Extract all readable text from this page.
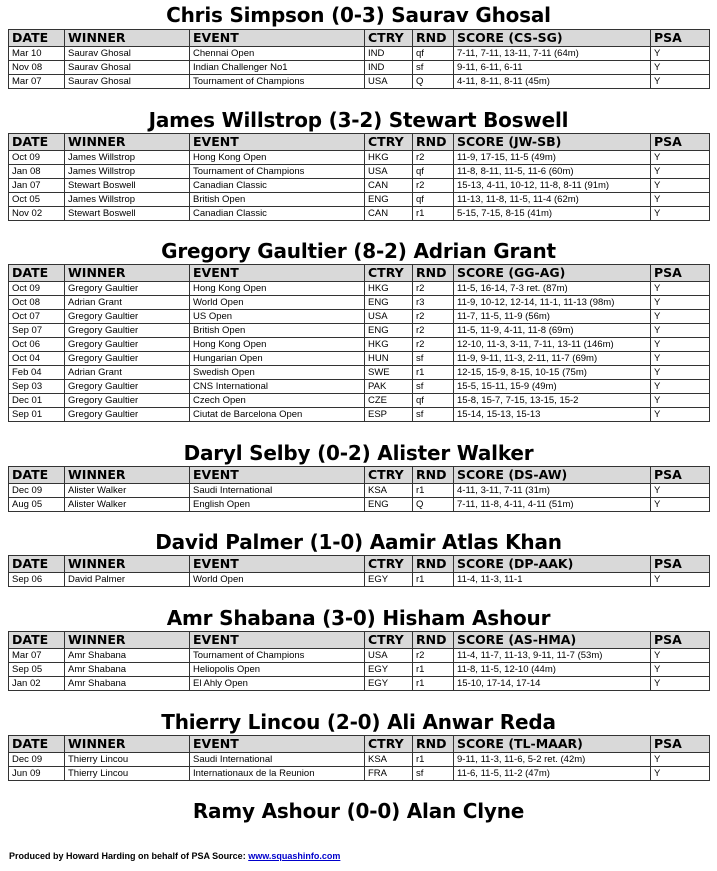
Chris Simpson (0-3) Saurav Ghosal
DATE	WINNER	EVENT	CTRY	RND	SCORE (CS-SG)	PSA
Mar 10	Saurav Ghosal	Chennai Open	IND	qf	7-11, 7-11, 13-11, 7-11 (64m)	Y
Nov 08	Saurav Ghosal	Indian Challenger No1	IND	sf	9-11, 6-11, 6-11	Y
Mar 07	Saurav Ghosal	Tournament of Champions	USA	Q	4-11, 8-11, 8-11 (45m)	Y
James Willstrop (3-2) Stewart Boswell
DATE	WINNER	EVENT	CTRY	RND	SCORE (JW-SB)	PSA
Oct 09	James Willstrop	Hong Kong Open	HKG	r2	11-9, 17-15, 11-5 (49m)	Y
Jan 08	James Willstrop	Tournament of Champions	USA	qf	11-8, 8-11, 11-5, 11-6 (60m)	Y
Jan 07	Stewart Boswell	Canadian Classic	CAN	r2	15-13, 4-11, 10-12, 11-8, 8-11 (91m)	Y
Oct 05	James Willstrop	British Open	ENG	qf	11-13, 11-8, 11-5, 11-4 (62m)	Y
Nov 02	Stewart Boswell	Canadian Classic	CAN	r1	5-15, 7-15, 8-15 (41m)	Y
Gregory Gaultier (8-2) Adrian Grant
DATE	WINNER	EVENT	CTRY	RND	SCORE (GG-AG)	PSA
Oct 09	Gregory Gaultier	Hong Kong Open	HKG	r2	11-5, 16-14, 7-3 ret. (87m)	Y
Oct 08	Adrian Grant	World Open	ENG	r3	11-9, 10-12, 12-14, 11-1, 11-13 (98m)	Y
Oct 07	Gregory Gaultier	US Open	USA	r2	11-7, 11-5, 11-9 (56m)	Y
Sep 07	Gregory Gaultier	British Open	ENG	r2	11-5, 11-9, 4-11, 11-8 (69m)	Y
Oct 06	Gregory Gaultier	Hong Kong Open	HKG	r2	12-10, 11-3, 3-11, 7-11, 13-11 (146m)	Y
Oct 04	Gregory Gaultier	Hungarian Open	HUN	sf	11-9, 9-11, 11-3, 2-11, 11-7 (69m)	Y
Feb 04	Adrian Grant	Swedish Open	SWE	r1	12-15, 15-9, 8-15, 10-15 (75m)	Y
Sep 03	Gregory Gaultier	CNS International	PAK	sf	15-5, 15-11, 15-9 (49m)	Y
Dec 01	Gregory Gaultier	Czech Open	CZE	qf	15-8, 15-7, 7-15, 13-15, 15-2	Y
Sep 01	Gregory Gaultier	Ciutat de Barcelona Open	ESP	sf	15-14, 15-13, 15-13	Y
Daryl Selby (0-2) Alister Walker
DATE	WINNER	EVENT	CTRY	RND	SCORE (DS-AW)	PSA
Dec 09	Alister Walker	Saudi International	KSA	r1	4-11, 3-11, 7-11 (31m)	Y
Aug 05	Alister Walker	English Open	ENG	Q	7-11, 11-8, 4-11, 4-11 (51m)	Y
David Palmer (1-0) Aamir Atlas Khan
DATE	WINNER	EVENT	CTRY	RND	SCORE (DP-AAK)	PSA
Sep 06	David Palmer	World Open	EGY	r1	11-4, 11-3, 11-1	Y
Amr Shabana (3-0) Hisham Ashour
DATE	WINNER	EVENT	CTRY	RND	SCORE (AS-HMA)	PSA
Mar 07	Amr Shabana	Tournament of Champions	USA	r2	11-4, 11-7, 11-13, 9-11, 11-7 (53m)	Y
Sep 05	Amr Shabana	Heliopolis Open	EGY	r1	11-8, 11-5, 12-10 (44m)	Y
Jan 02	Amr Shabana	El Ahly Open	EGY	r1	15-10, 17-14, 17-14	Y
Thierry Lincou (2-0) Ali Anwar Reda
DATE	WINNER	EVENT	CTRY	RND	SCORE (TL-MAAR)	PSA
Dec 09	Thierry Lincou	Saudi International	KSA	r1	9-11, 11-3, 11-6, 5-2 ret. (42m)	Y
Jun 09	Thierry Lincou	Internationaux de la Reunion	FRA	sf	11-6, 11-5, 11-2 (47m)	Y
Ramy Ashour (0-0) Alan Clyne
Produced by Howard Harding on behalf of PSA Source: www.squashinfo.com
